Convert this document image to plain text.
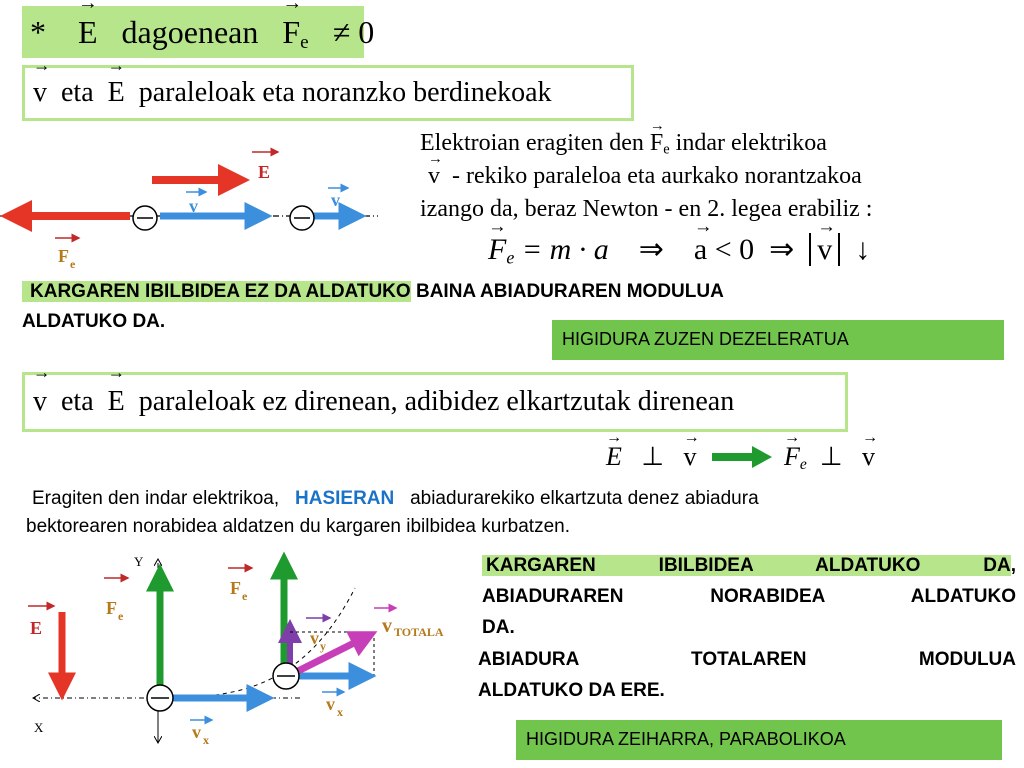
* → E dagoenean → $F_e \ne 0$
→ v eta → E paraleloak eta noranzko berdinekoak
E
v	v
F e
Elektroian eragiten den → $F_e$ indar elektrikoa
→ v - rekiko paraleloa eta aurkako norantzakoa
izango da, beraz Newton - en 2. legea erabiliz :
→ $F_e = m \cdot a$ ⇒ → a < 0 ⇒ → v ↓
KARGAREN IBILBIDEA EZ DA ALDATUKO BAINA ABIADURAREN MODULUA
ALDATUKO DA.
HIGIDURA ZUZEN DEZELERATUA
→ v eta → E paraleloak ez direnean, adibidez elkartzutak direnean
→ E ⊥ → v	→ $F_e$ ⊥ → v
Eragiten den indar elektrikoa, HASIERAN abiadurarekiko elkartzuta denez abiadura
bektorearen norabidea aldatzen du kargaren ibilbidea kurbatzen.
Y
X
E
F e
v x
F e
v y
v x
v TOTALA
KARGAREN IBILBIDEA ALDATUKO DA,
ABIADURAREN NORABIDEA ALDATUKO
DA.
ABIADURA TOTALAREN MODULUA
ALDATUKO DA ERE.
HIGIDURA ZEIHARRA, PARABOLIKOA
